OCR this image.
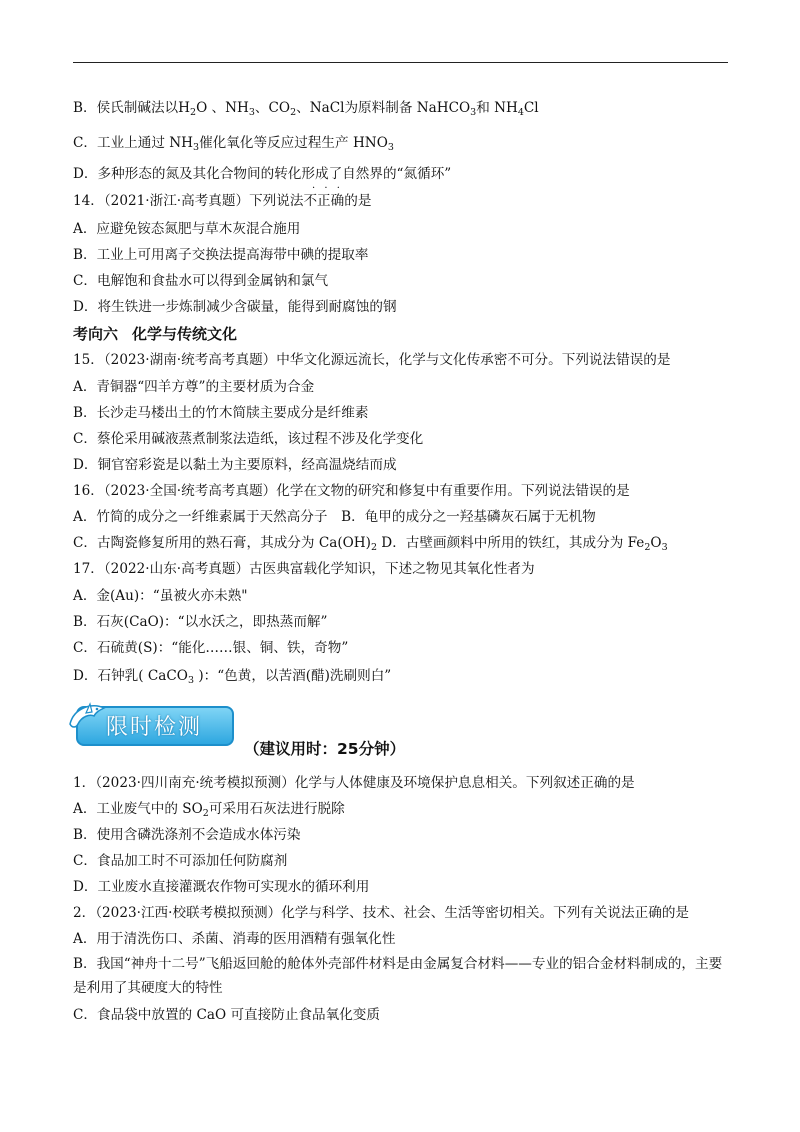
B．侯氏制碱法以$H_2O$ 、$NH_3$、$CO_2$、NaCl为原料制备 NaHCO$_3$和 $NH_4Cl$
C．工业上通过 $NH_3$催化氧化等反应过程生产 $HNO_3$
D．多种形态的氮及其化合物间的转化形成了自然界的“氮循环”
14．（2021·浙江·高考真题）下列说法不正确的是
A．应避免铵态氮肥与草木灰混合施用
B．工业上可用离子交换法提高海带中碘的提取率
C．电解饱和食盐水可以得到金属钠和氯气
D．将生铁进一步炼制减少含碳量，能得到耐腐蚀的钢
15．（2023·湖南·统考高考真题）中华文化源远流长，化学与文化传承密不可分。下列说法错误的是
A．青铜器“四羊方尊”的主要材质为合金
B．长沙走马楼出土的竹木简牍主要成分是纤维素
C．蔡伦采用碱液蒸煮制浆法造纸，该过程不涉及化学变化
D．铜官窑彩瓷是以黏土为主要原料，经高温烧结而成
16．（2023·全国·统考高考真题）化学在文物的研究和修复中有重要作用。下列说法错误的是
A．竹简的成分之一纤维素属于天然高分子　B．龟甲的成分之一羟基磷灰石属于无机物
C．古陶瓷修复所用的熟石膏，其成分为 $Ca(OH)_2$ D．古壁画颜料中所用的铁红，其成分为 $Fe_2O_3$
17．（2022·山东·高考真题）古医典富载化学知识，下述之物见其氧化性者为
A．金(Au)：“虽被火亦未熟"
B．石灰(CaO)：“以水沃之，即热蒸而解”
C．石硫黄(S)：“能化……银、铜、铁，奇物”
D．石钟乳( CaCO$_3$ )：“色黄，以苦酒(醋)洗刷则白”
1．（2023·四川南充·统考模拟预测）化学与人体健康及环境保护息息相关。下列叙述正确的是
A．工业废气中的 $SO_2$可采用石灰法进行脱除
B．使用含磷洗涤剂不会造成水体污染
C．食品加工时不可添加任何防腐剂
D．工业废水直接灌溉农作物可实现水的循环利用
2．（2023·江西·校联考模拟预测）化学与科学、技术、社会、生活等密切相关。下列有关说法正确的是
A．用于清洗伤口、杀菌、消毒的医用酒精有强氧化性
C．食品袋中放置的 CaO 可直接防止食品氧化变质
· · ·
考向六 化学与传统文化
限时检测
（建议用时：25分钟）
B．我国“神舟十二号”飞船返回舱的舱体外壳部件材料是由金属复合材料——专业的铝合金材料制成的，主要是利用了其硬度大的特性
